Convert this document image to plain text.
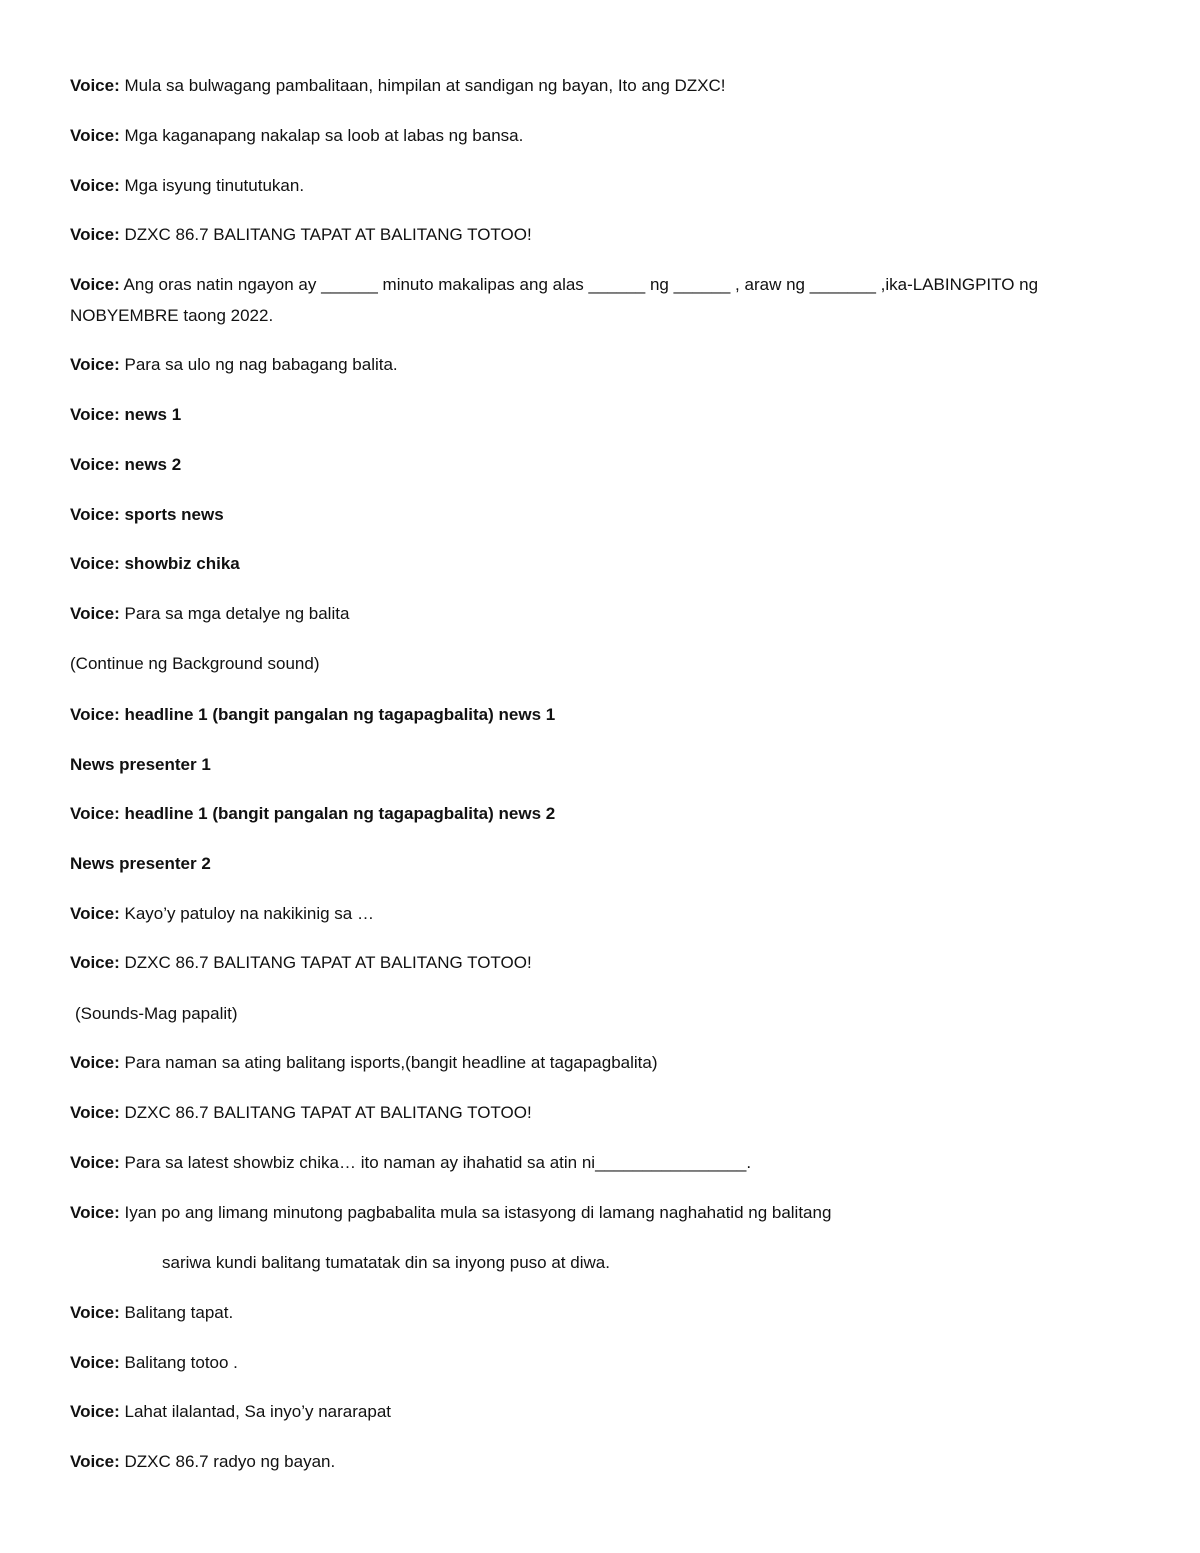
Voice: Mula sa bulwagang pambalitaan, himpilan at sandigan ng bayan, Ito ang DZXC!
Voice: Mga kaganapang nakalap sa loob at labas ng bansa.
Voice: Mga isyung tinututukan.
Voice: DZXC 86.7 BALITANG TAPAT AT BALITANG TOTOO!
Voice: Ang oras natin ngayon ay ______ minuto makalipas ang alas ______ ng ______ , araw ng _______ ,ika-LABINGPITO ng NOBYEMBRE taong 2022.
Voice: Para sa ulo ng nag babagang balita.
Voice: news 1
Voice: news 2
Voice: sports news
Voice: showbiz chika
Voice: Para sa mga detalye ng balita
(Continue ng Background sound)
Voice: headline 1 (bangit pangalan ng tagapagbalita) news 1
News presenter 1
Voice: headline 1 (bangit pangalan ng tagapagbalita) news 2
News presenter 2
Voice: Kayo’y patuloy na nakikinig sa …
Voice: DZXC 86.7 BALITANG TAPAT AT BALITANG TOTOO!
(Sounds-Mag papalit)
Voice: Para naman sa ating balitang isports,(bangit headline at tagapagbalita)
Voice: DZXC 86.7 BALITANG TAPAT AT BALITANG TOTOO!
Voice: Para sa latest showbiz chika… ito naman ay ihahatid sa atin ni________________.
Voice: Iyan po ang limang minutong pagbabalita mula sa istasyong di lamang naghahatid ng balitang
sariwa kundi balitang tumatatak din sa inyong puso at diwa.
Voice: Balitang tapat.
Voice: Balitang totoo .
Voice: Lahat ilalantad, Sa inyo’y nararapat
Voice: DZXC 86.7 radyo ng bayan.
